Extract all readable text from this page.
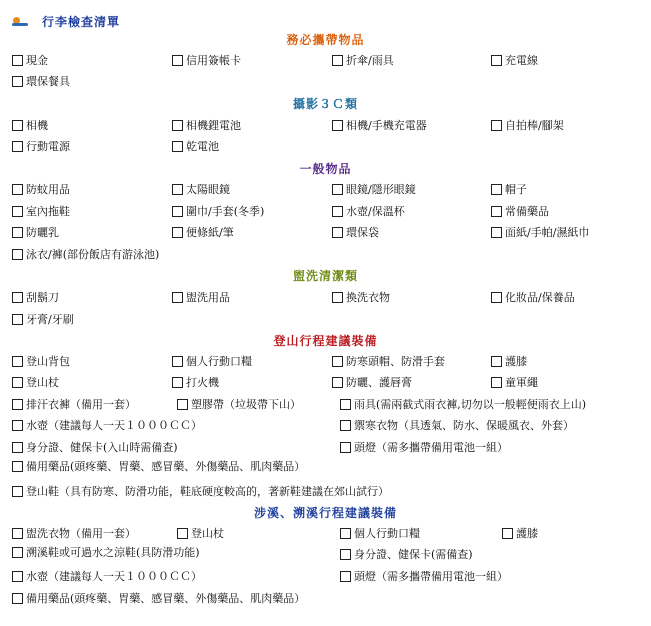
行李檢查清單
務必攜帶物品
現金	信用簽帳卡	折傘/雨具	充電線
環保餐具
攝影３Ｃ類
相機	相機鋰電池	相機/手機充電器	自拍棒/腳架
行動電源	乾電池
一般物品
防蚊用品	太陽眼鏡	眼鏡/隱形眼鏡	帽子
室內拖鞋	圍巾/手套(冬季)	水壺/保溫杯	常備藥品
防曬乳	便條紙/筆	環保袋	面紙/手帕/濕紙巾
泳衣/褲(部份飯店有游泳池)
盥洗清潔類
刮鬍刀	盥洗用品	換洗衣物	化妝品/保養品
牙膏/牙刷
登山行程建議裝備
登山背包	個人行動口糧	防寒頭帽、防滑手套	護膝
登山杖	打火機	防曬、護唇膏	童軍繩
排汗衣褲（備用一套）	塑膠帶（垃圾帶下山）	雨具(需兩截式雨衣褲,切勿以一般輕便雨衣上山)
水壺（建議每人一天１０００ＣＣ）	禦寒衣物（具透氣、防水、保暖風衣、外套）
身分證、健保卡(入山時需備查)	頭燈（需多攜帶備用電池一組）
備用藥品(頭疼藥、胃藥、感冒藥、外傷藥品、肌肉藥品）
登山鞋（具有防寒、防滑功能，鞋底硬度較高的，著新鞋建議在郊山試行）
涉溪、溯溪行程建議裝備
盥洗衣物（備用一套）	登山杖	個人行動口糧	護膝
溯溪鞋或可過水之涼鞋(具防滑功能)	身分證、健保卡(需備查)
水壺（建議每人一天１０００ＣＣ）	頭燈（需多攜帶備用電池一組）
備用藥品(頭疼藥、胃藥、感冒藥、外傷藥品、肌肉藥品）
